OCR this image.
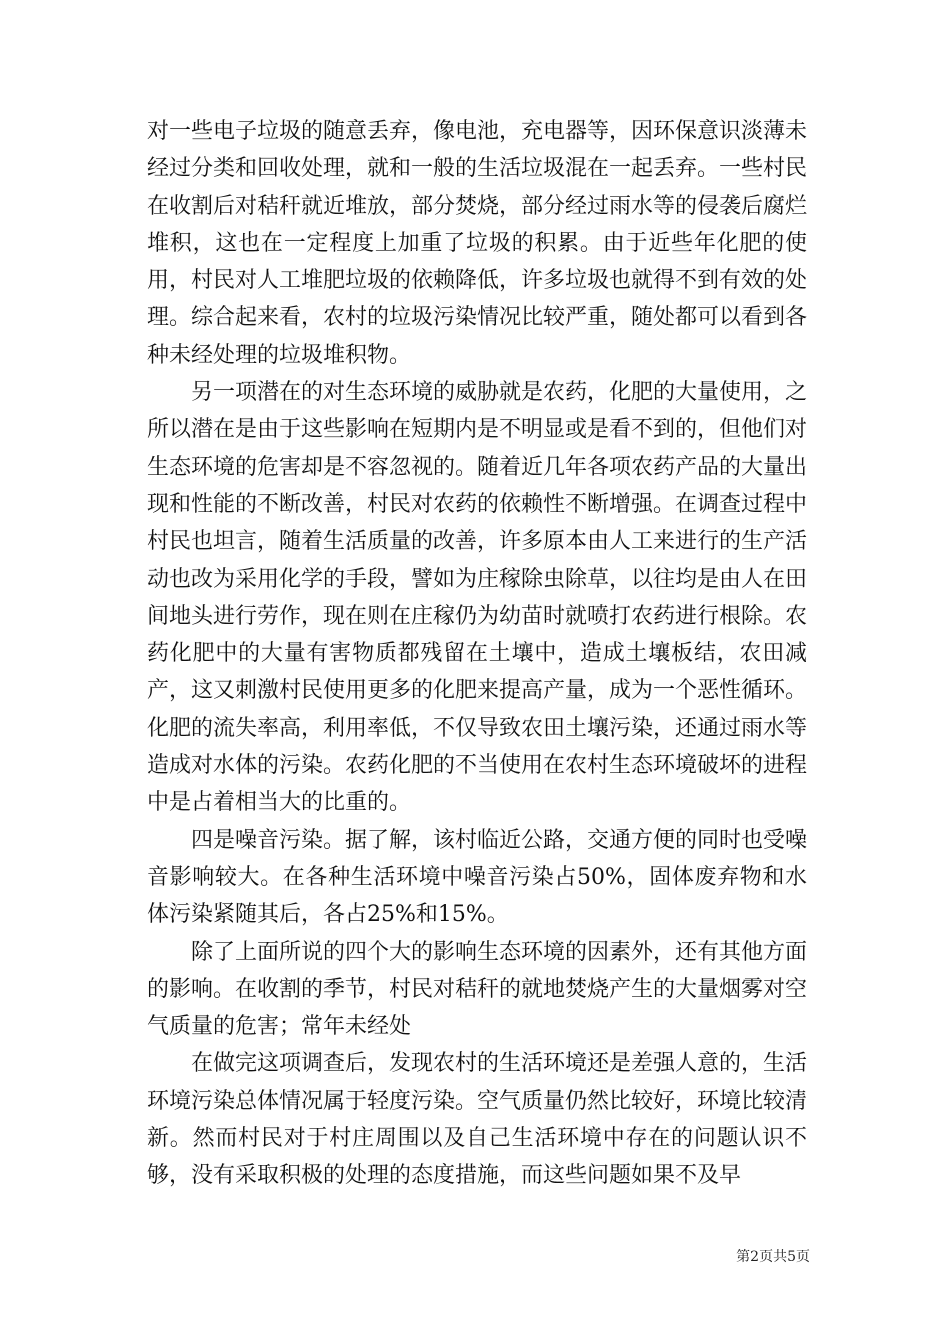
对一些电子垃圾的随意丢弃，像电池，充电器等，因环保意识淡薄未经过分类和回收处理，就和一般的生活垃圾混在一起丢弃。一些村民在收割后对秸秆就近堆放，部分焚烧，部分经过雨水等的侵袭后腐烂堆积，这也在一定程度上加重了垃圾的积累。由于近些年化肥的使用，村民对人工堆肥垃圾的依赖降低，许多垃圾也就得不到有效的处理。综合起来看，农村的垃圾污染情况比较严重，随处都可以看到各种未经处理的垃圾堆积物。

另一项潜在的对生态环境的威胁就是农药，化肥的大量使用，之所以潜在是由于这些影响在短期内是不明显或是看不到的，但他们对生态环境的危害却是不容忽视的。随着近几年各项农药产品的大量出现和性能的不断改善，村民对农药的依赖性不断增强。在调查过程中村民也坦言，随着生活质量的改善，许多原本由人工来进行的生产活动也改为采用化学的手段，譬如为庄稼除虫除草，以往均是由人在田间地头进行劳作，现在则在庄稼仍为幼苗时就喷打农药进行根除。农药化肥中的大量有害物质都残留在土壤中，造成土壤板结，农田减产，这又刺激村民使用更多的化肥来提高产量，成为一个恶性循环。化肥的流失率高，利用率低，不仅导致农田土壤污染，还通过雨水等造成对水体的污染。农药化肥的不当使用在农村生态环境破坏的进程中是占着相当大的比重的。

四是噪音污染。据了解，该村临近公路，交通方便的同时也受噪音影响较大。在各种生活环境中噪音污染占50%，固体废弃物和水体污染紧随其后，各占25%和15%。

除了上面所说的四个大的影响生态环境的因素外，还有其他方面的影响。在收割的季节，村民对秸秆的就地焚烧产生的大量烟雾对空气质量的危害；常年未经处

在做完这项调查后，发现农村的生活环境还是差强人意的，生活环境污染总体情况属于轻度污染。空气质量仍然比较好，环境比较清新。然而村民对于村庄周围以及自己生活环境中存在的问题认识不够，没有采取积极的处理的态度措施，而这些问题如果不及早

第2页共5页
